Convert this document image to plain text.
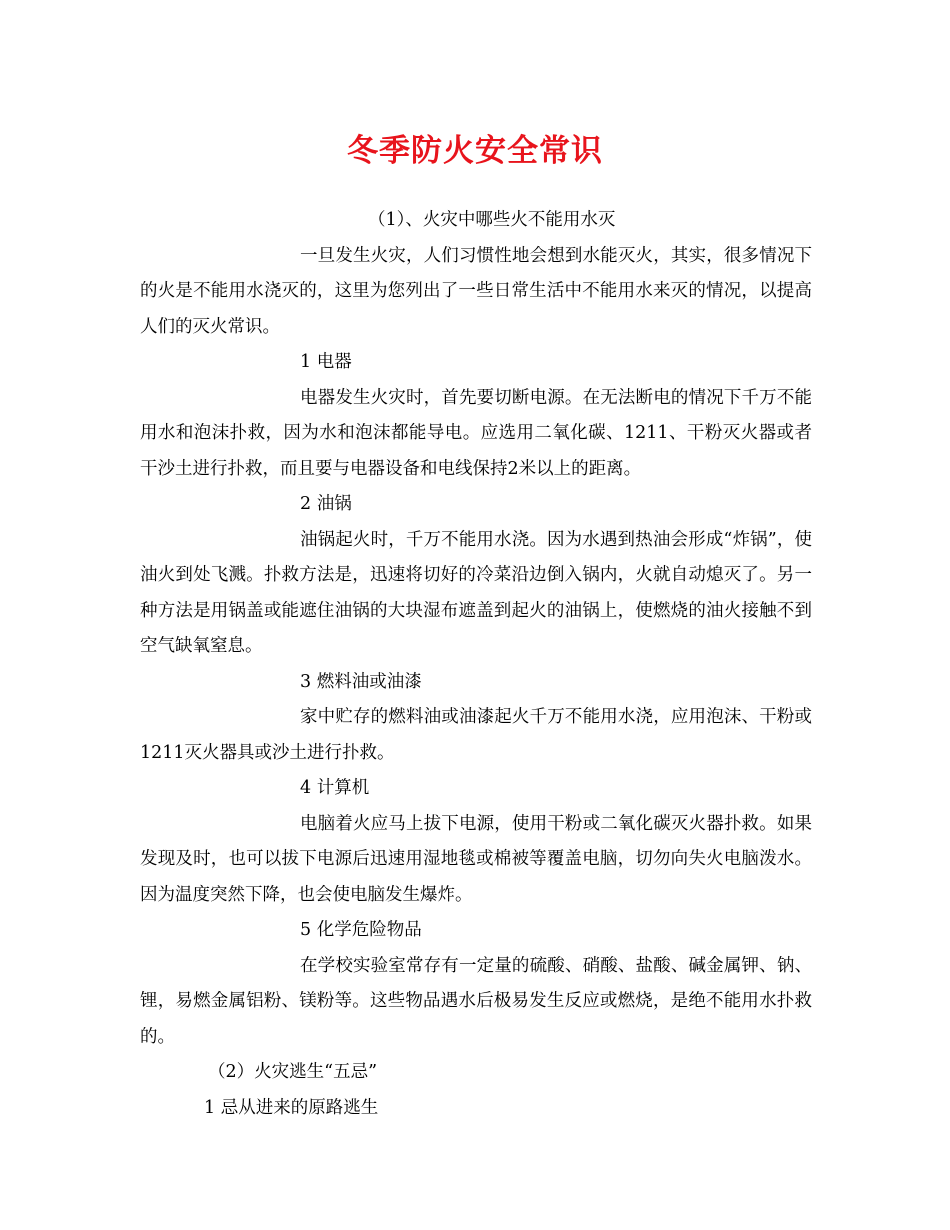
冬季防火安全常识

（1）、火灾中哪些火不能用水灭

一旦发生火灾，人们习惯性地会想到水能灭火，其实，很多情况下的火是不能用水浇灭的，这里为您列出了一些日常生活中不能用水来灭的情况，以提高人们的灭火常识。

1 电器

电器发生火灾时，首先要切断电源。在无法断电的情况下千万不能用水和泡沫扑救，因为水和泡沫都能导电。应选用二氧化碳、1211、干粉灭火器或者干沙土进行扑救，而且要与电器设备和电线保持2米以上的距离。

2 油锅

油锅起火时，千万不能用水浇。因为水遇到热油会形成“炸锅”，使油火到处飞溅。扑救方法是，迅速将切好的冷菜沿边倒入锅内，火就自动熄灭了。另一种方法是用锅盖或能遮住油锅的大块湿布遮盖到起火的油锅上，使燃烧的油火接触不到空气缺氧窒息。

3 燃料油或油漆

家中贮存的燃料油或油漆起火千万不能用水浇，应用泡沫、干粉或1211灭火器具或沙土进行扑救。

4 计算机

电脑着火应马上拔下电源，使用干粉或二氧化碳灭火器扑救。如果发现及时，也可以拔下电源后迅速用湿地毯或棉被等覆盖电脑，切勿向失火电脑泼水。因为温度突然下降，也会使电脑发生爆炸。

5 化学危险物品

在学校实验室常存有一定量的硫酸、硝酸、盐酸、碱金属钾、钠、锂，易燃金属铝粉、镁粉等。这些物品遇水后极易发生反应或燃烧，是绝不能用水扑救的。

（2）火灾逃生“五忌”

1 忌从进来的原路逃生
